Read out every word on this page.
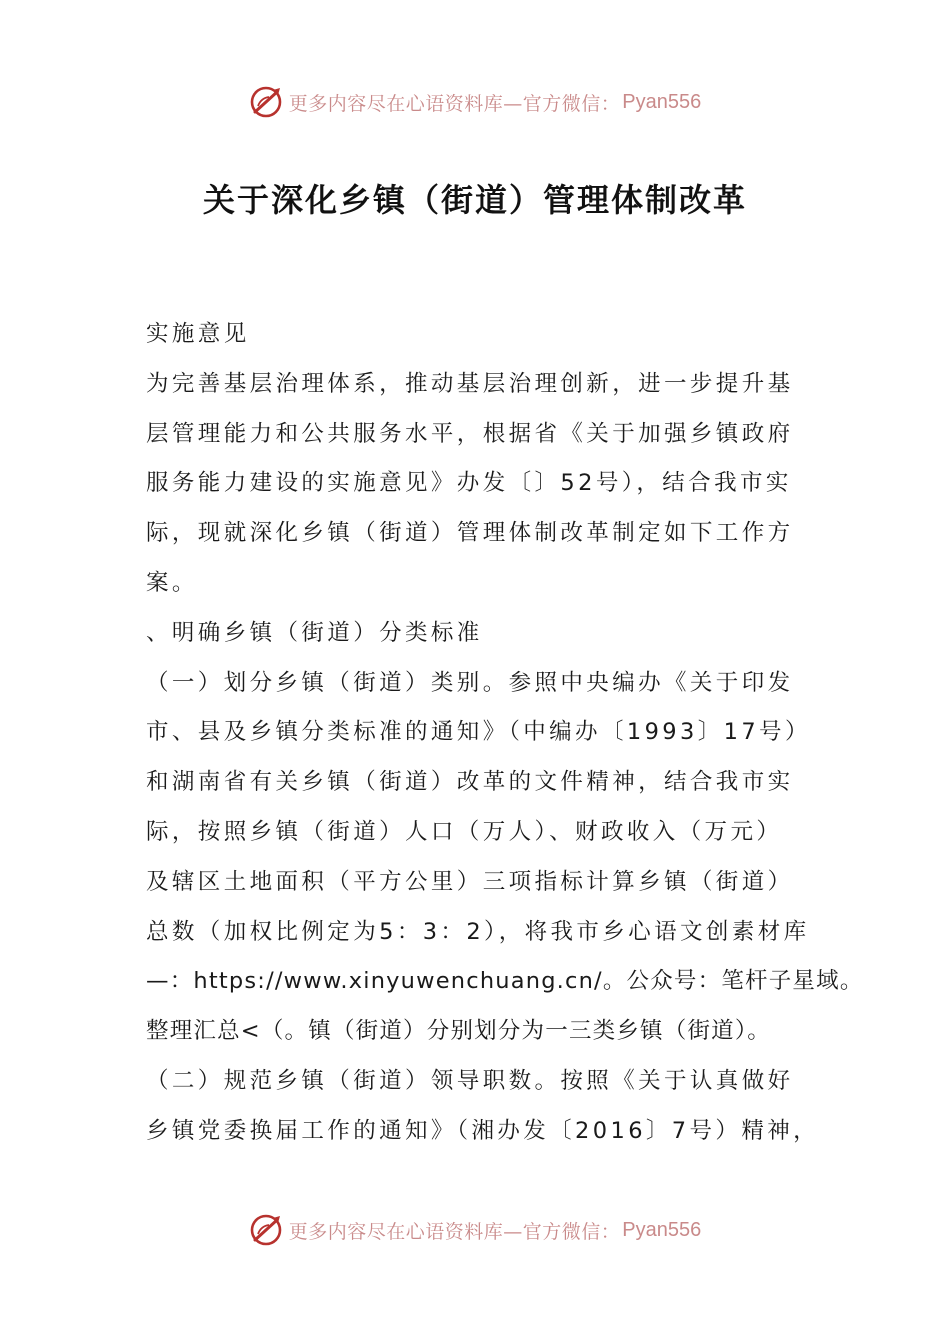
更多内容尽在心语资料库—官方微信： Pyan556
关于深化乡镇（街道）管理体制改革
实施意见
为完善基层治理体系，推动基层治理创新，进一步提升基
层管理能力和公共服务水平，根据省《关于加强乡镇政府
服务能力建设的实施意见》办发〔〕52号），结合我市实
际，现就深化乡镇（街道）管理体制改革制定如下工作方
案。
、明确乡镇（街道）分类标准
（一）划分乡镇（街道）类别。参照中央编办《关于印发
市、县及乡镇分类标准的通知》（中编办〔1993〕17号）
和湖南省有关乡镇（街道）改革的文件精神，结合我市实
际，按照乡镇（街道）人口（万人）、财政收入（万元）
及辖区土地面积（平方公里）三项指标计算乡镇（街道）
总数（加权比例定为5：3：2），将我市乡心语文创素材库
—：https://www.xinyuwenchuang.cn/。公众号：笔杆子星域。
整理汇总<（。镇（街道）分别划分为一三类乡镇（街道）。
（二）规范乡镇（街道）领导职数。按照《关于认真做好
乡镇党委换届工作的通知》（湘办发〔2016〕7号）精神，
更多内容尽在心语资料库—官方微信： Pyan556
